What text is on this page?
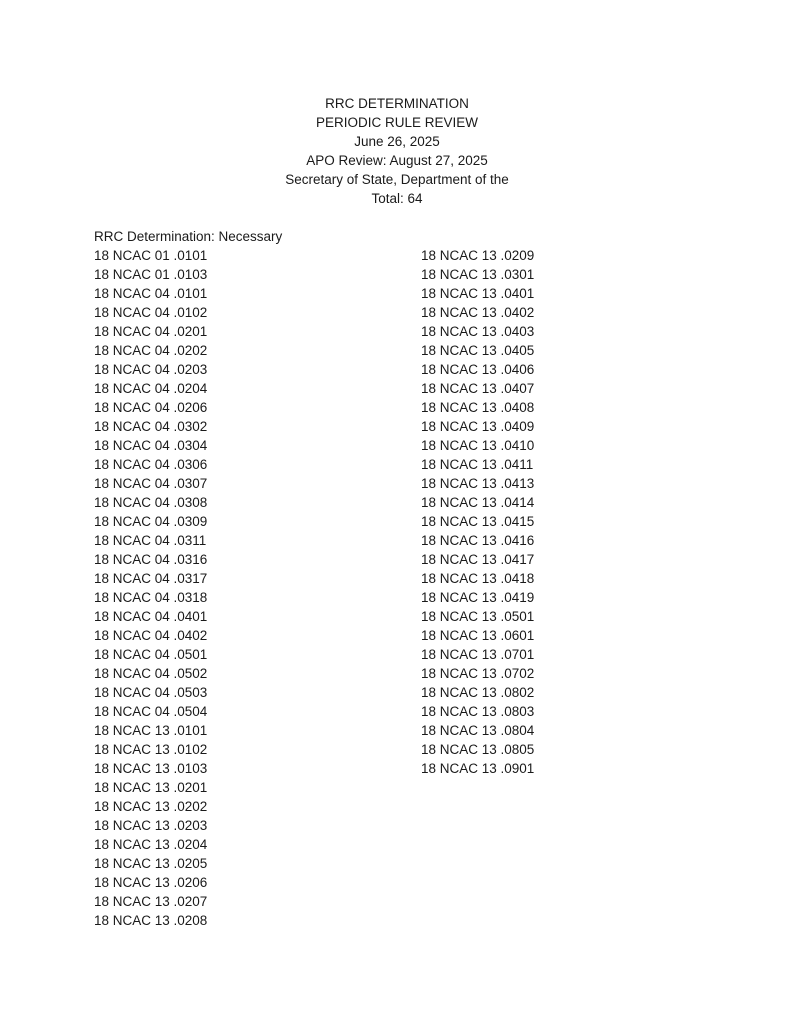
RRC DETERMINATION
PERIODIC RULE REVIEW
June 26, 2025
APO Review: August 27, 2025
Secretary of State, Department of the
Total: 64
RRC Determination: Necessary
18 NCAC 01 .0101
18 NCAC 01 .0103
18 NCAC 04 .0101
18 NCAC 04 .0102
18 NCAC 04 .0201
18 NCAC 04 .0202
18 NCAC 04 .0203
18 NCAC 04 .0204
18 NCAC 04 .0206
18 NCAC 04 .0302
18 NCAC 04 .0304
18 NCAC 04 .0306
18 NCAC 04 .0307
18 NCAC 04 .0308
18 NCAC 04 .0309
18 NCAC 04 .0311
18 NCAC 04 .0316
18 NCAC 04 .0317
18 NCAC 04 .0318
18 NCAC 04 .0401
18 NCAC 04 .0402
18 NCAC 04 .0501
18 NCAC 04 .0502
18 NCAC 04 .0503
18 NCAC 04 .0504
18 NCAC 13 .0101
18 NCAC 13 .0102
18 NCAC 13 .0103
18 NCAC 13 .0201
18 NCAC 13 .0202
18 NCAC 13 .0203
18 NCAC 13 .0204
18 NCAC 13 .0205
18 NCAC 13 .0206
18 NCAC 13 .0207
18 NCAC 13 .0208
18 NCAC 13 .0209
18 NCAC 13 .0301
18 NCAC 13 .0401
18 NCAC 13 .0402
18 NCAC 13 .0403
18 NCAC 13 .0405
18 NCAC 13 .0406
18 NCAC 13 .0407
18 NCAC 13 .0408
18 NCAC 13 .0409
18 NCAC 13 .0410
18 NCAC 13 .0411
18 NCAC 13 .0413
18 NCAC 13 .0414
18 NCAC 13 .0415
18 NCAC 13 .0416
18 NCAC 13 .0417
18 NCAC 13 .0418
18 NCAC 13 .0419
18 NCAC 13 .0501
18 NCAC 13 .0601
18 NCAC 13 .0701
18 NCAC 13 .0702
18 NCAC 13 .0802
18 NCAC 13 .0803
18 NCAC 13 .0804
18 NCAC 13 .0805
18 NCAC 13 .0901
